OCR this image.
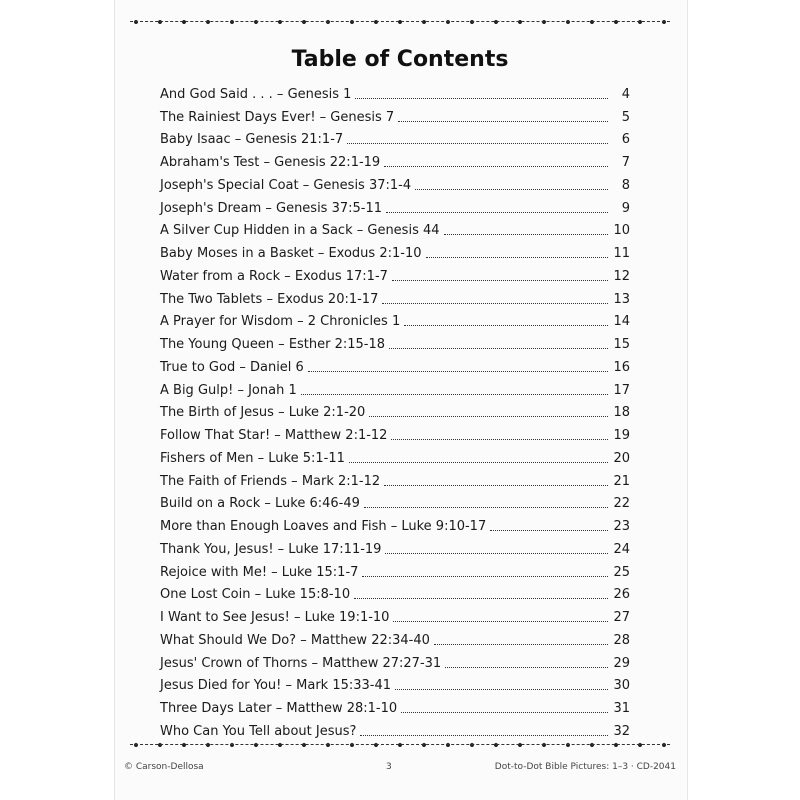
Table of Contents
And God Said . . . – Genesis 1	4
The Rainiest Days Ever! – Genesis 7	5
Baby Isaac – Genesis 21:1-7	6
Abraham's Test – Genesis 22:1-19	7
Joseph's Special Coat – Genesis 37:1-4	8
Joseph's Dream – Genesis 37:5-11	9
A Silver Cup Hidden in a Sack – Genesis 44	10
Baby Moses in a Basket – Exodus 2:1-10	11
Water from a Rock – Exodus 17:1-7	12
The Two Tablets – Exodus 20:1-17	13
A Prayer for Wisdom – 2 Chronicles 1	14
The Young Queen – Esther 2:15-18	15
True to God – Daniel 6	16
A Big Gulp! – Jonah 1	17
The Birth of Jesus – Luke 2:1-20	18
Follow That Star! – Matthew 2:1-12	19
Fishers of Men – Luke 5:1-11	20
The Faith of Friends – Mark 2:1-12	21
Build on a Rock – Luke 6:46-49	22
More than Enough Loaves and Fish – Luke 9:10-17	23
Thank You, Jesus! – Luke 17:11-19	24
Rejoice with Me! – Luke 15:1-7	25
One Lost Coin – Luke 15:8-10	26
I Want to See Jesus! – Luke 19:1-10	27
What Should We Do? – Matthew 22:34-40	28
Jesus' Crown of Thorns – Matthew 27:27-31	29
Jesus Died for You! – Mark 15:33-41	30
Three Days Later – Matthew 28:1-10	31
Who Can You Tell about Jesus?	32
© Carson-Dellosa	3	Dot-to-Dot Bible Pictures: 1–3 · CD-2041
